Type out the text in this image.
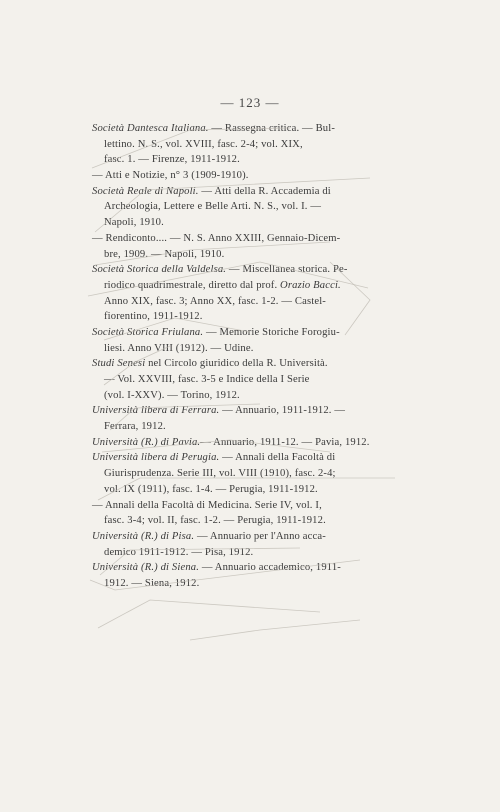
— 123 —
Società Dantesca Italiana. — Rassegna critica. — Bul-
lettino. N. S., vol. XVIII, fasc. 2-4; vol. XIX,
fasc. 1. — Firenze, 1911-1912.
— Atti e Notizie, n° 3 (1909-1910).
Società Reale di Napoli. — Atti della R. Accademia di
Archeologia, Lettere e Belle Arti. N. S., vol. I. —
Napoli, 1910.
— Rendiconto.... — N. S. Anno XXIII, Gennaio-Dicem-
bre, 1909. — Napoli, 1910.
Società Storica della Valdelsa. — Miscellanea storica. Pe-
riodico quadrimestrale, diretto dal prof. Orazio Bacci.
Anno XIX, fasc. 3; Anno XX, fasc. 1-2. — Castel-
fiorentino, 1911-1912.
Società Storica Friulana. — Memorie Storiche Forogiu-
liesi. Anno VIII (1912). — Udine.
Studi Senesi nel Circolo giuridico della R. Università.
— Vol. XXVIII, fasc. 3-5 e Indice della I Serie
(vol. I-XXV). — Torino, 1912.
Università libera di Ferrara. — Annuario, 1911-1912. —
Ferrara, 1912.
Università (R.) di Pavia.— Annuario, 1911-12. — Pavia, 1912.
Università libera di Perugia. — Annali della Facoltà di
Giurisprudenza. Serie III, vol. VIII (1910), fasc. 2-4;
vol. IX (1911), fasc. 1-4. — Perugia, 1911-1912.
— Annali della Facoltà di Medicina. Serie IV, vol. I,
fasc. 3-4; vol. II, fasc. 1-2. — Perugia, 1911-1912.
Università (R.) di Pisa. — Annuario per l'Anno acca-
demico 1911-1912. — Pisa, 1912.
Università (R.) di Siena. — Annuario accademico, 1911-
1912. — Siena, 1912.
